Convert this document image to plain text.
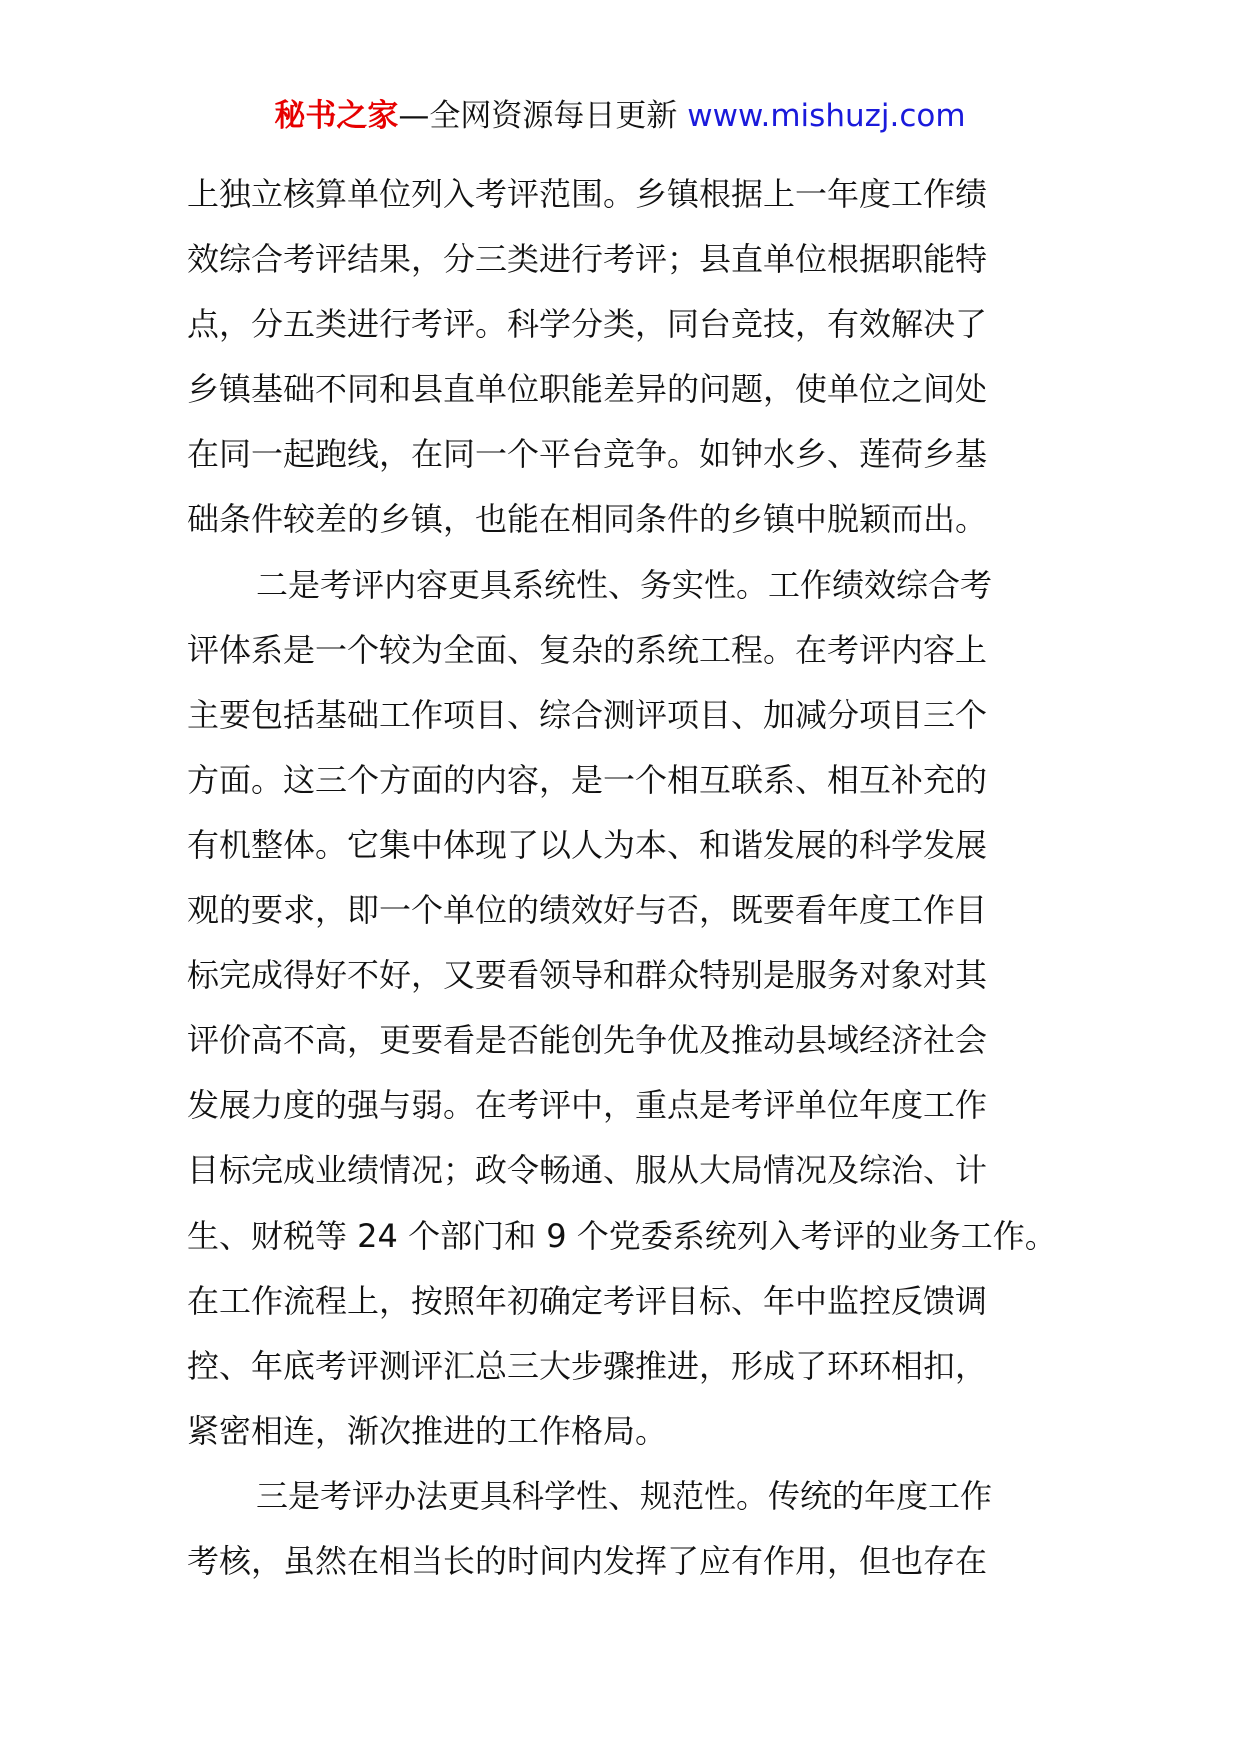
秘书之家—全网资源每日更新 www.mishuzj.com
上独立核算单位列入考评范围。乡镇根据上一年度工作绩
效综合考评结果，分三类进行考评；县直单位根据职能特
点，分五类进行考评。科学分类，同台竞技，有效解决了
乡镇基础不同和县直单位职能差异的问题，使单位之间处
在同一起跑线，在同一个平台竞争。如钟水乡、莲荷乡基
础条件较差的乡镇，也能在相同条件的乡镇中脱颖而出。
二是考评内容更具系统性、务实性。工作绩效综合考
评体系是一个较为全面、复杂的系统工程。在考评内容上
主要包括基础工作项目、综合测评项目、加减分项目三个
方面。这三个方面的内容，是一个相互联系、相互补充的
有机整体。它集中体现了以人为本、和谐发展的科学发展
观的要求，即一个单位的绩效好与否，既要看年度工作目
标完成得好不好，又要看领导和群众特别是服务对象对其
评价高不高，更要看是否能创先争优及推动县域经济社会
发展力度的强与弱。在考评中，重点是考评单位年度工作
目标完成业绩情况；政令畅通、服从大局情况及综治、计
生、财税等 24 个部门和 9 个党委系统列入考评的业务工作。
在工作流程上，按照年初确定考评目标、年中监控反馈调
控、年底考评测评汇总三大步骤推进，形成了环环相扣，
紧密相连，渐次推进的工作格局。
三是考评办法更具科学性、规范性。传统的年度工作
考核，虽然在相当长的时间内发挥了应有作用，但也存在
